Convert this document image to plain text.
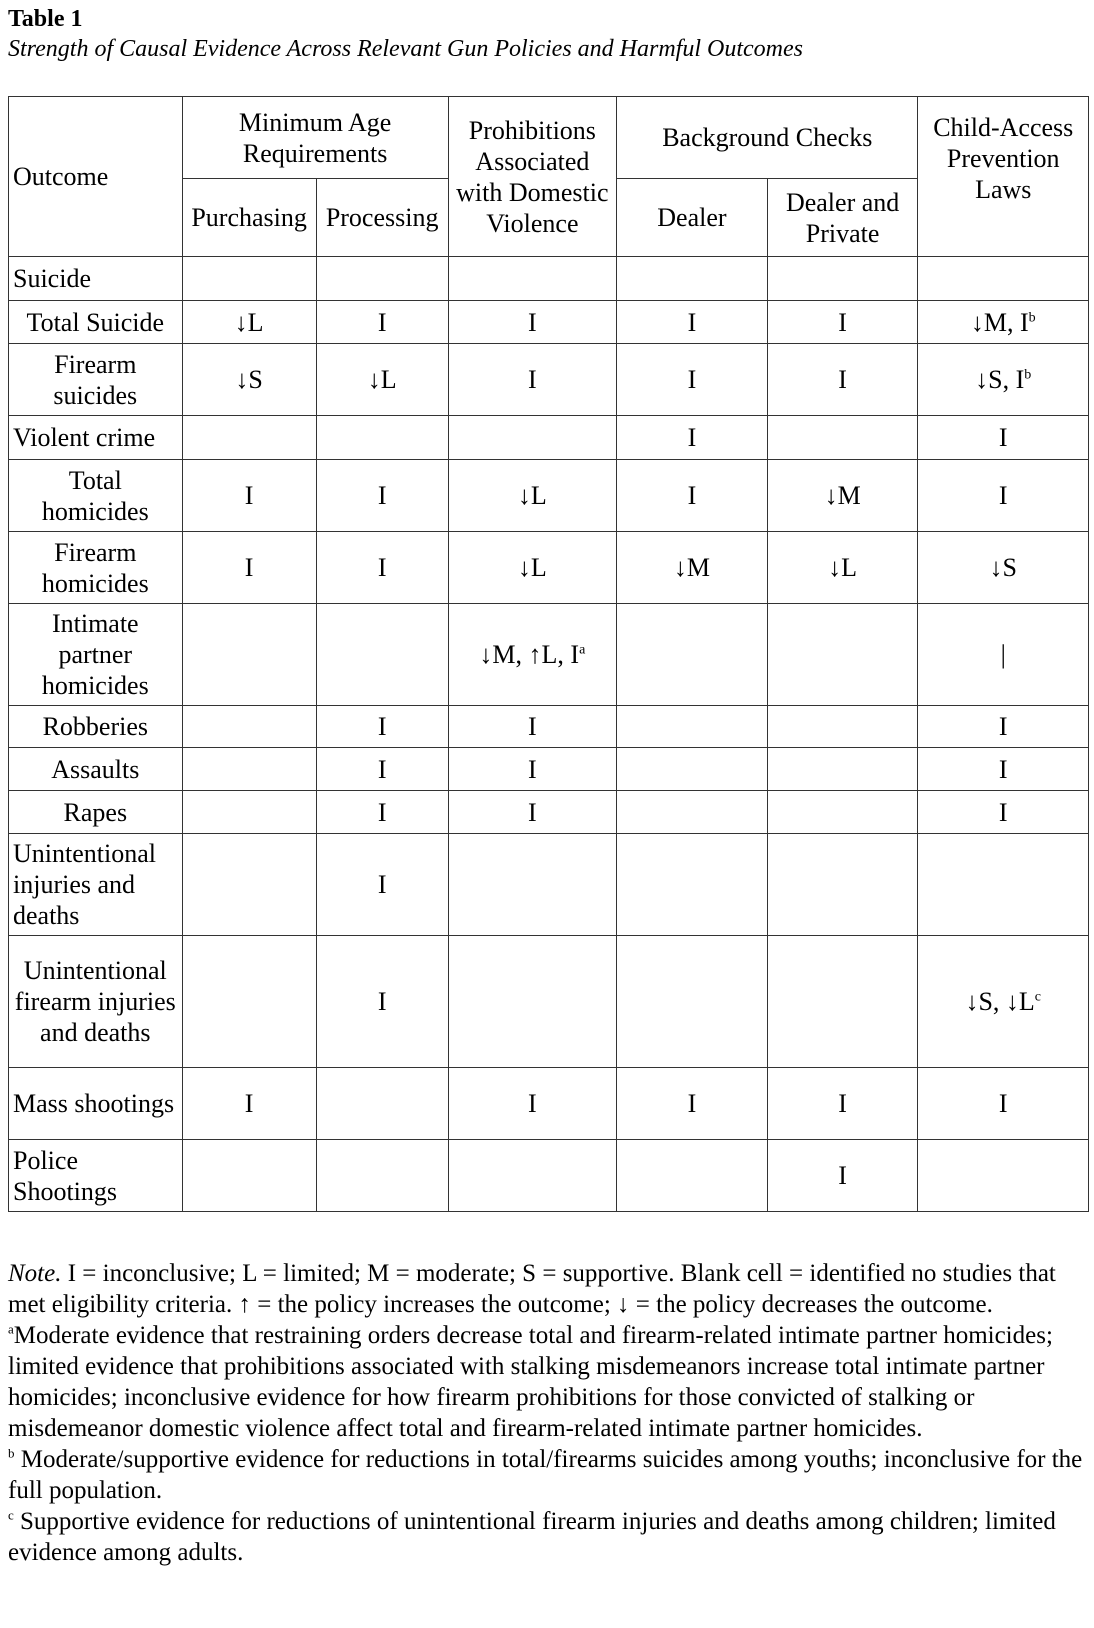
Table 1
Strength of Causal Evidence Across Relevant Gun Policies and Harmful Outcomes
Outcome	Minimum Age Requirements		Prohibitions Associated with Domestic Violence	Background Checks		Child-Access Prevention Laws
	Purchasing	Processing		Dealer	Dealer and Private	
Suicide						
Total Suicide	↓L	I	I	I	I	↓M, $I^b$
Firearm suicides	↓S	↓L	I	I	I	↓S, $I^b$
Violent crime				I		I
Total homicides	I	I	↓L	I	↓M	I
Firearm homicides	I	I	↓L	↓M	↓L	↓S
Intimate partner homicides			↓M, ↑L, $I^a$			|
Robberies		I	I			I
Assaults		I	I			I
Rapes		I	I			I
Unintentional injuries and deaths		I				
Unintentional firearm injuries and deaths		I				↓S, $↓L^c$
Mass shootings	I		I	I	I	I
Police Shootings					I	

Note. I = inconclusive; L = limited; M = moderate; S = supportive. Blank cell = identified no studies that met eligibility criteria. ↑ = the policy increases the outcome; ↓ = the policy decreases the outcome.

$^a$Moderate evidence that restraining orders decrease total and firearm-related intimate partner homicides; limited evidence that prohibitions associated with stalking misdemeanors increase total intimate partner homicides; inconclusive evidence for how firearm prohibitions for those convicted of stalking or misdemeanor domestic violence affect total and firearm-related intimate partner homicides.

$^b$ Moderate/supportive evidence for reductions in total/firearms suicides among youths; inconclusive for the full population.

$^c$ Supportive evidence for reductions of unintentional firearm injuries and deaths among children; limited evidence among adults.
